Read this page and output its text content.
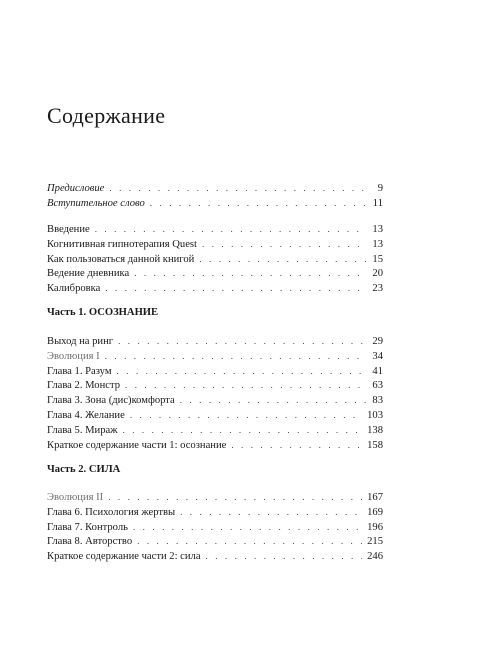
Содержание
Предисловие . . .	9
Вступительное слово . . .	11
Введение . . .	13
Когнитивная гипнотерапия Quest . . .	13
Как пользоваться данной книгой . . .	15
Ведение дневника . . .	20
Калибровка . . .	23
Часть 1. ОСОЗНАНИЕ
Выход на ринг . . .	29
Эволюция I . . .	34
Глава 1. Разум . . .	41
Глава 2. Монстр . . .	63
Глава 3. Зона (дис)комфорта . . .	83
Глава 4. Желание . . .	103
Глава 5. Мираж . . .	138
Краткое содержание части 1: осознание . . .	158
Часть 2. СИЛА
Эволюция II . . .	167
Глава 6. Психология жертвы . . .	169
Глава 7. Контроль . . .	196
Глава 8. Авторство . . .	215
Краткое содержание части 2: сила . . .	246
